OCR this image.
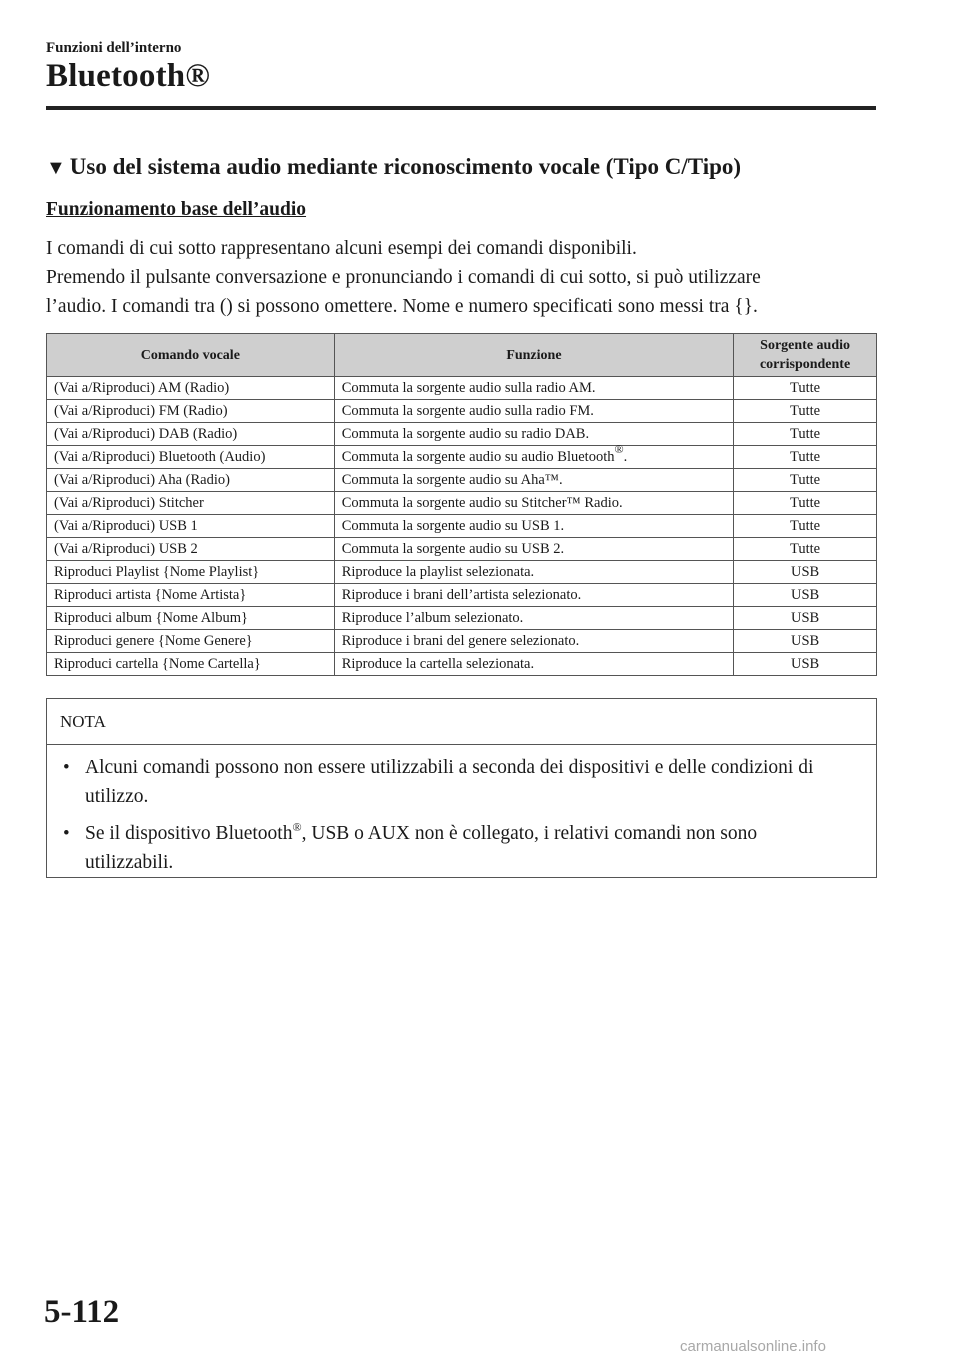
Funzioni dell’interno
Bluetooth®
▼ Uso del sistema audio mediante riconoscimento vocale (Tipo C/Tipo)
Funzionamento base dell’audio
I comandi di cui sotto rappresentano alcuni esempi dei comandi disponibili.
Premendo il pulsante conversazione e pronunciando i comandi di cui sotto, si può utilizzare
l’audio. I comandi tra () si possono omettere. Nome e numero specificati sono messi tra {}.
Comando vocale	Funzione	Sorgente audio corrispondente
(Vai a/Riproduci) AM (Radio)	Commuta la sorgente audio sulla radio AM.	Tutte
(Vai a/Riproduci) FM (Radio)	Commuta la sorgente audio sulla radio FM.	Tutte
(Vai a/Riproduci) DAB (Radio)	Commuta la sorgente audio su radio DAB.	Tutte
(Vai a/Riproduci) Bluetooth (Audio)	Commuta la sorgente audio su audio Bluetooth®.	Tutte
(Vai a/Riproduci) Aha (Radio)	Commuta la sorgente audio su Aha™.	Tutte
(Vai a/Riproduci) Stitcher	Commuta la sorgente audio su Stitcher™ Radio.	Tutte
(Vai a/Riproduci) USB 1	Commuta la sorgente audio su USB 1.	Tutte
(Vai a/Riproduci) USB 2	Commuta la sorgente audio su USB 2.	Tutte
Riproduci Playlist {Nome Playlist}	Riproduce la playlist selezionata.	USB
Riproduci artista {Nome Artista}	Riproduce i brani dell’artista selezionato.	USB
Riproduci album {Nome Album}	Riproduce l’album selezionato.	USB
Riproduci genere {Nome Genere}	Riproduce i brani del genere selezionato.	USB
Riproduci cartella {Nome Cartella}	Riproduce la cartella selezionata.	USB
NOTA
• Alcuni comandi possono non essere utilizzabili a seconda dei dispositivi e delle condizioni di utilizzo.
• Se il dispositivo Bluetooth®, USB o AUX non è collegato, i relativi comandi non sono utilizzabili.
5-112
carmanualsonline.info
